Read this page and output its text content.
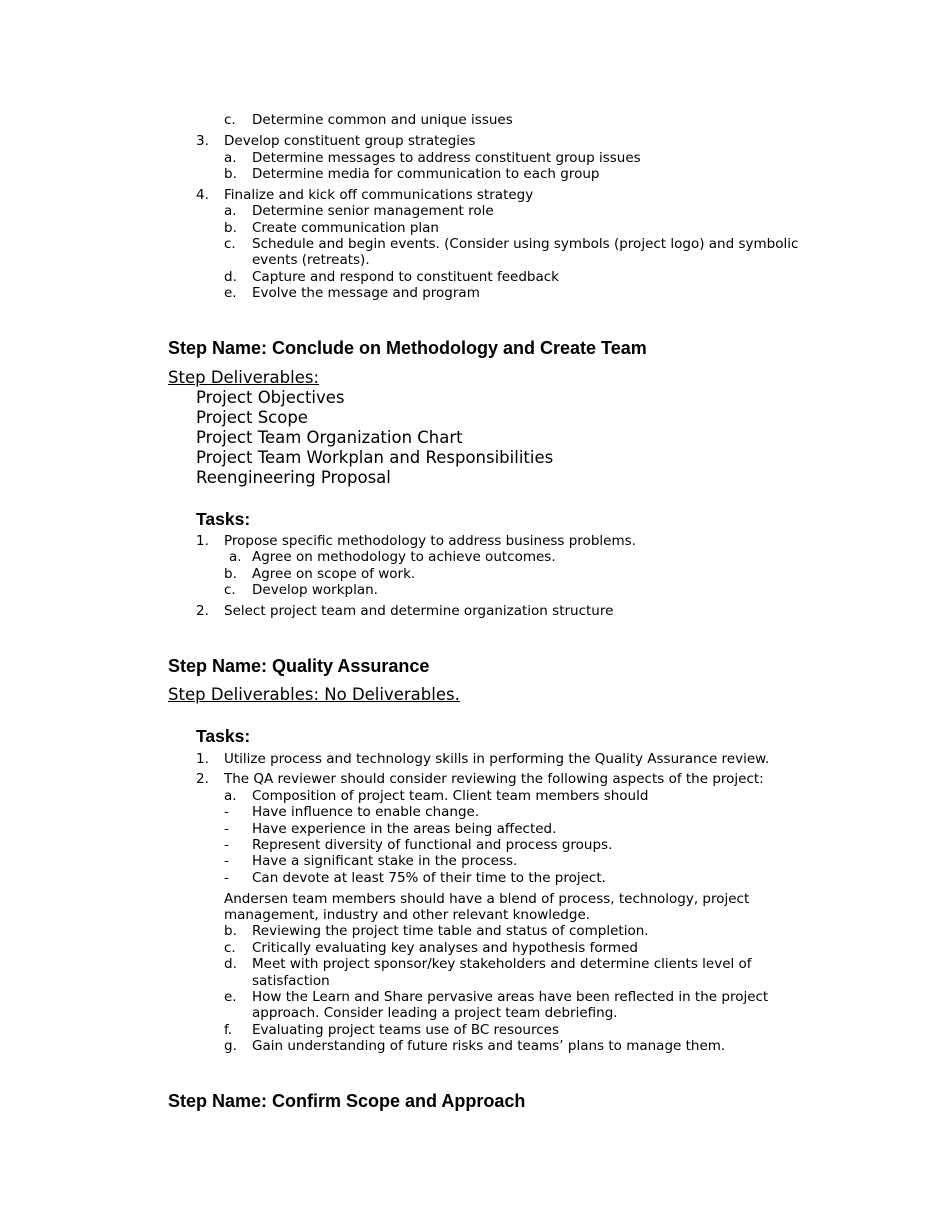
c. Determine common and unique issues
3. Develop constituent group strategies
a. Determine messages to address constituent group issues
b. Determine media for communication to each group
4. Finalize and kick off communications strategy
a. Determine senior management role
b. Create communication plan
c. Schedule and begin events. (Consider using symbols (project logo) and symbolic
events (retreats).
d. Capture and respond to constituent feedback
e. Evolve the message and program
Step Name: Conclude on Methodology and Create Team
Step Deliverables:
Project Objectives
Project Scope
Project Team Organization Chart
Project Team Workplan and Responsibilities
Reengineering Proposal
Tasks:
1. Propose specific methodology to address business problems.
a. Agree on methodology to achieve outcomes.
b. Agree on scope of work.
c. Develop workplan.
2. Select project team and determine organization structure
Step Name: Quality Assurance
Step Deliverables: No Deliverables.
Tasks:
1. Utilize process and technology skills in performing the Quality Assurance review.
2. The QA reviewer should consider reviewing the following aspects of the project:
a. Composition of project team. Client team members should
- Have influence to enable change.
- Have experience in the areas being affected.
- Represent diversity of functional and process groups.
- Have a significant stake in the process.
- Can devote at least 75% of their time to the project.
Andersen team members should have a blend of process, technology, project
management, industry and other relevant knowledge.
b. Reviewing the project time table and status of completion.
c. Critically evaluating key analyses and hypothesis formed
d. Meet with project sponsor/key stakeholders and determine clients level of
satisfaction
e. How the Learn and Share pervasive areas have been reflected in the project
approach. Consider leading a project team debriefing.
f. Evaluating project teams use of BC resources
g. Gain understanding of future risks and teams’ plans to manage them.
Step Name: Confirm Scope and Approach
